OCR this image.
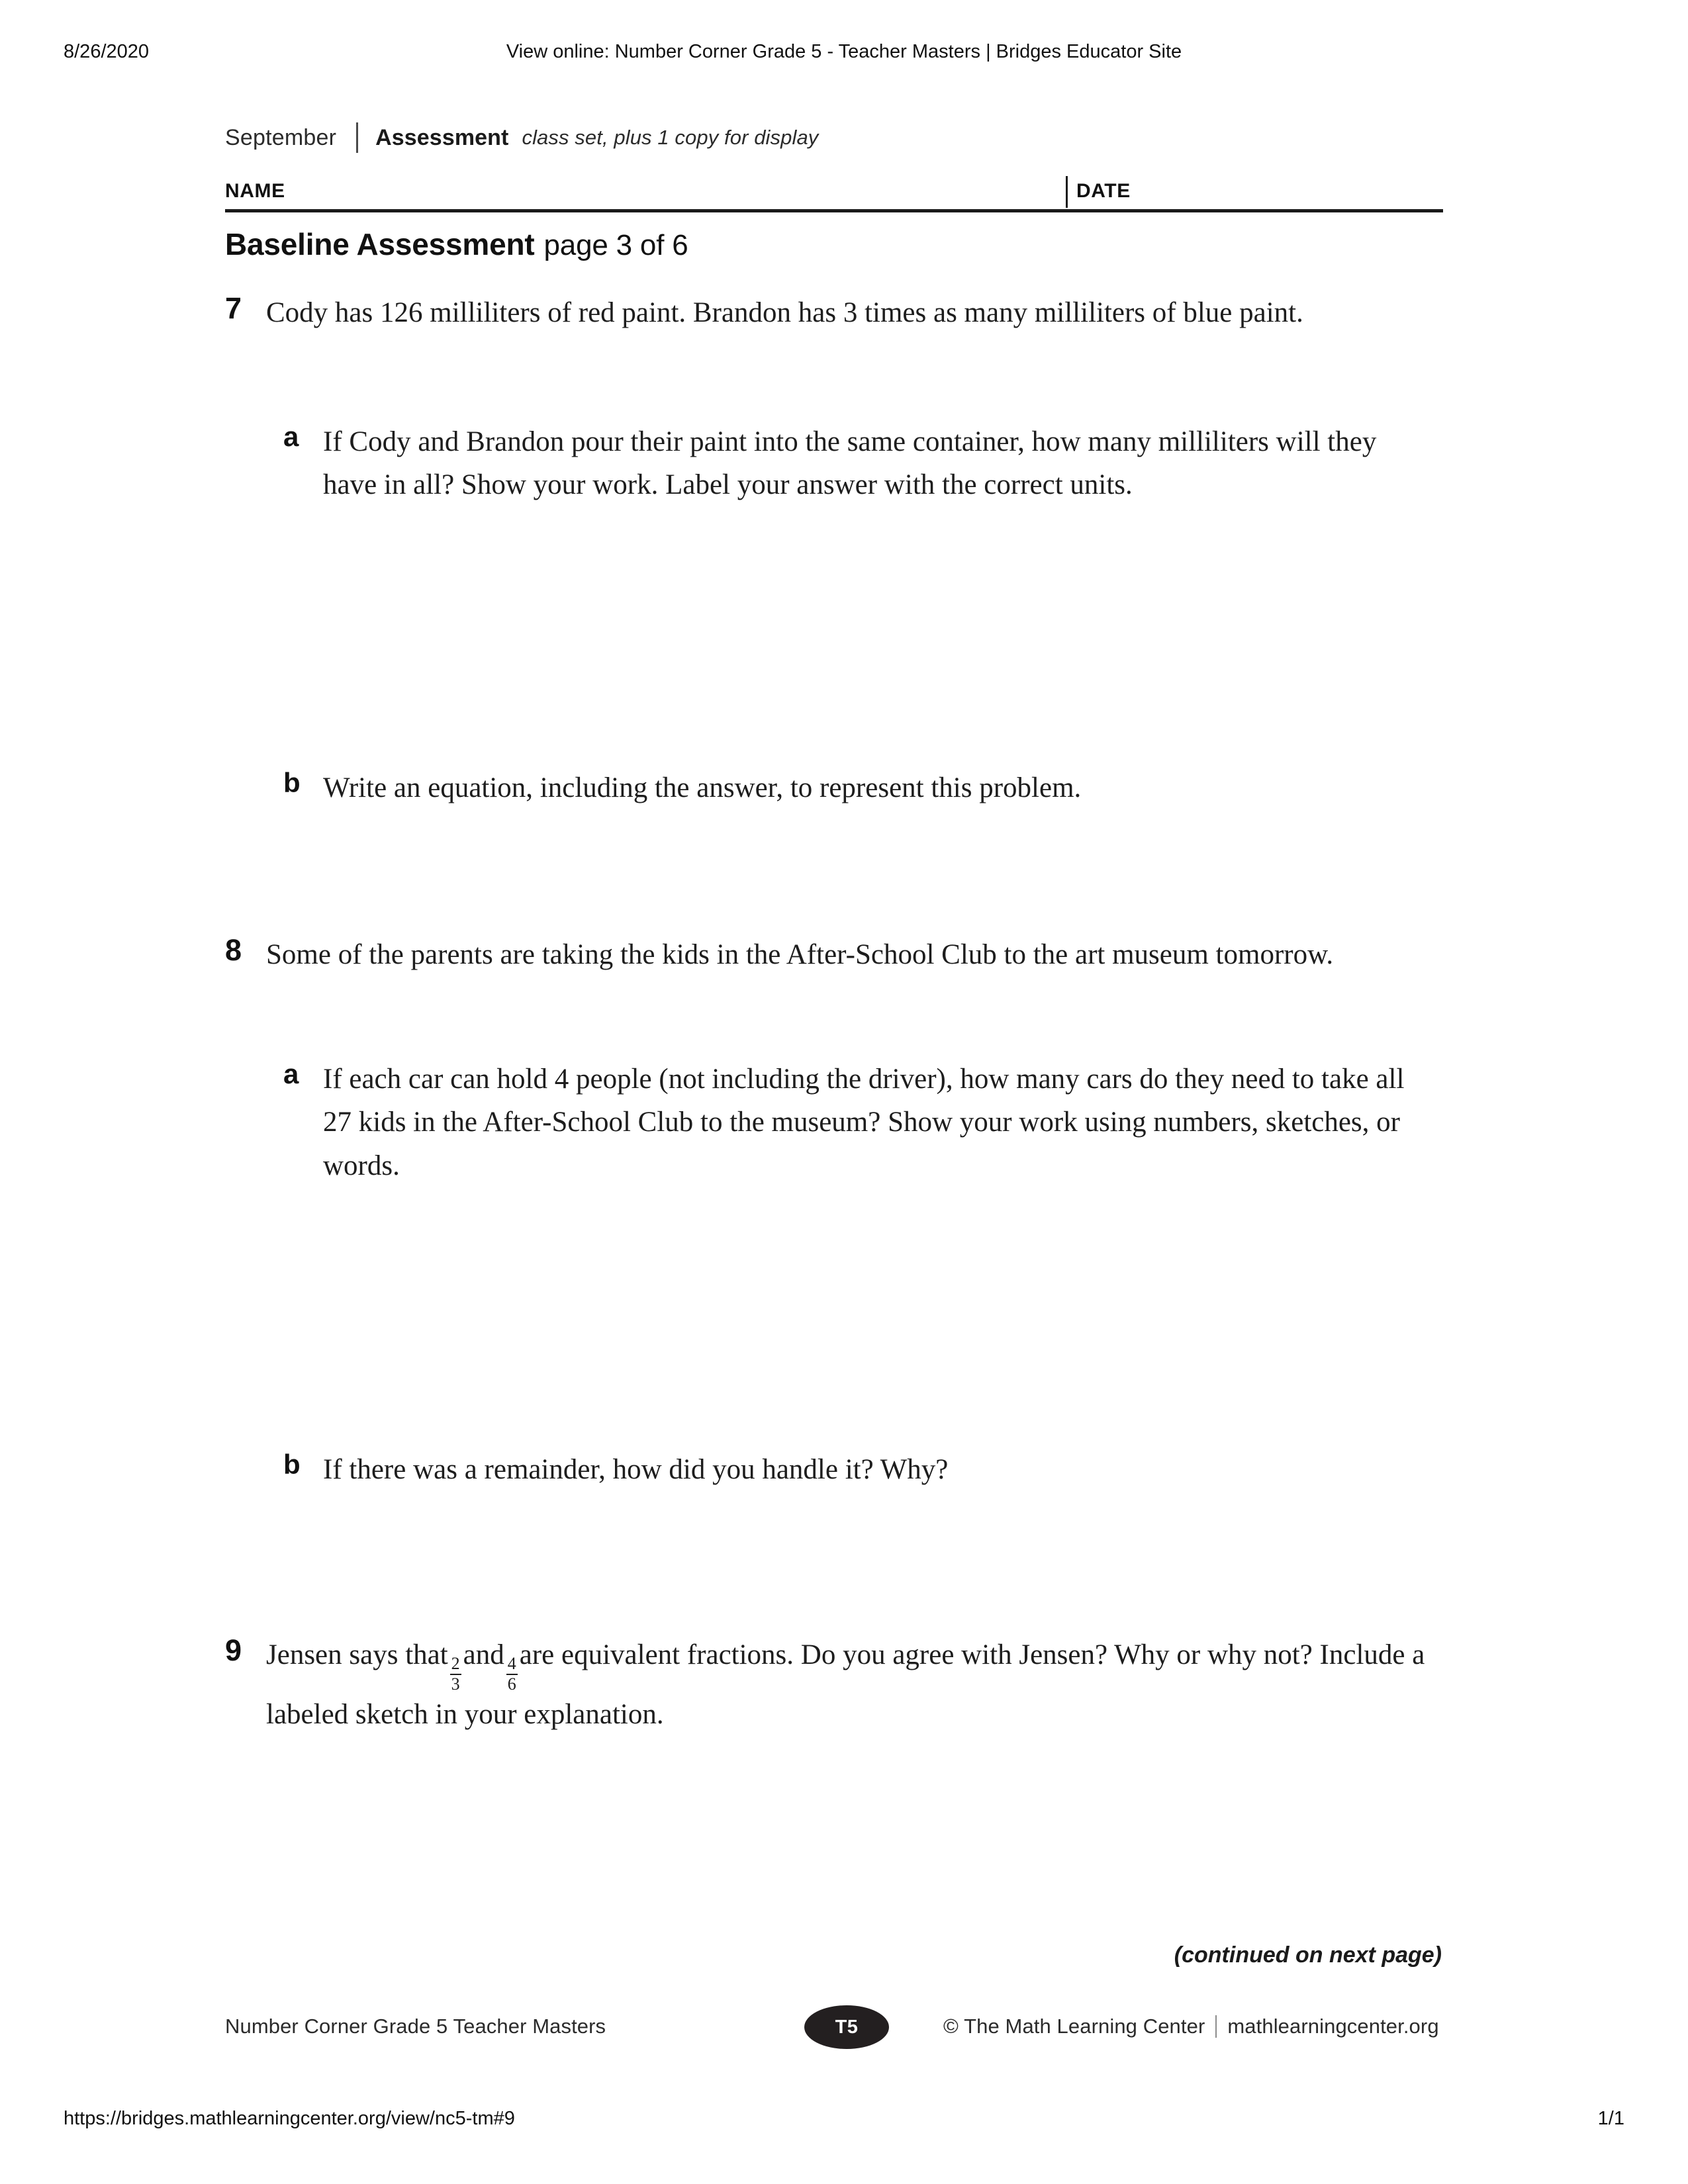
8/26/2020	View online: Number Corner Grade 5 - Teacher Masters | Bridges Educator Site
September Assessment class set, plus 1 copy for display
NAME	DATE
Baseline Assessment page 3 of 6
7 Cody has 126 milliliters of red paint. Brandon has 3 times as many milliliters of blue paint.
a If Cody and Brandon pour their paint into the same container, how many milliliters will they have in all? Show your work. Label your answer with the correct units.
b Write an equation, including the answer, to represent this problem.
8 Some of the parents are taking the kids in the After-School Club to the art museum tomorrow.
a If each car can hold 4 people (not including the driver), how many cars do they need to take all 27 kids in the After-School Club to the museum? Show your work using numbers, sketches, or words.
b If there was a remainder, how did you handle it? Why?
9 Jensen says that
$\frac{2}{3}$
and
$\frac{4}{6}$
are equivalent fractions. Do you agree with Jensen? Why or why not? Include a labeled sketch in your explanation.
(continued on next page)
Number Corner Grade 5 Teacher Masters	T5	© The Math Learning Center mathlearningcenter.org
https://bridges.mathlearningcenter.org/view/nc5-tm#9	1/1
